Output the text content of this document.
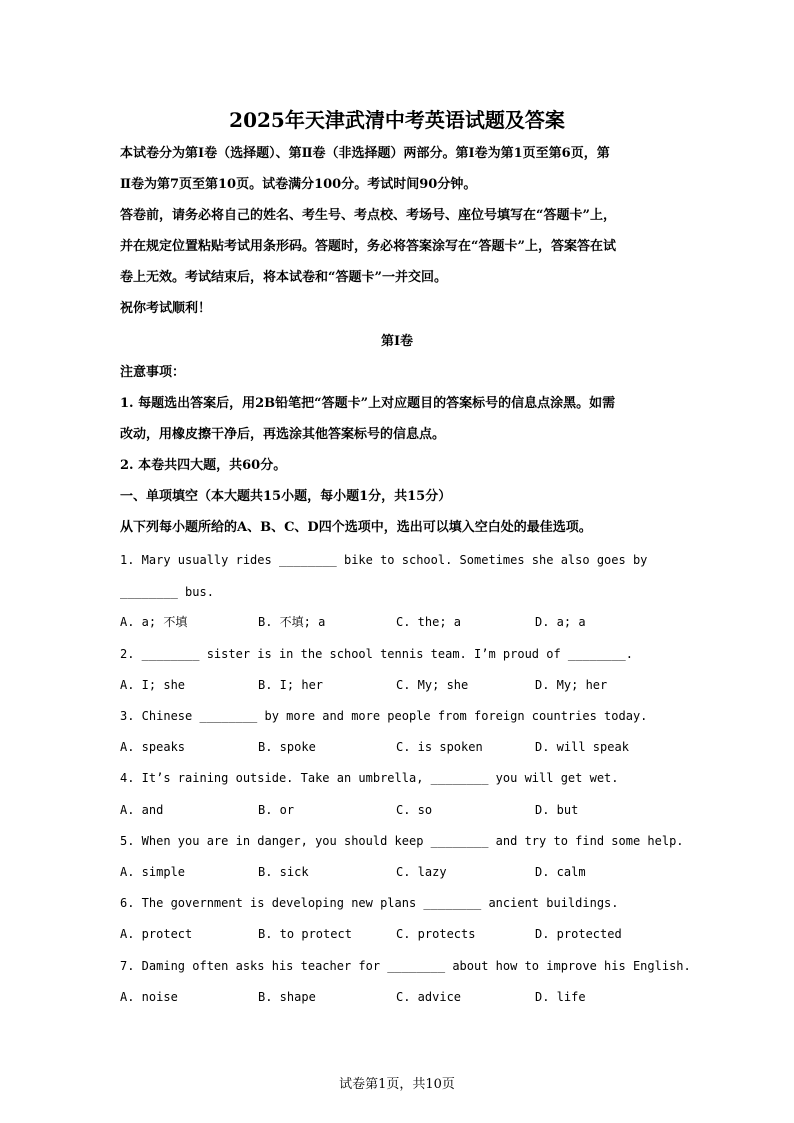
2025年天津武清中考英语试题及答案
本试卷分为第Ⅰ卷（选择题）、第Ⅱ卷（非选择题）两部分。第Ⅰ卷为第1页至第6页，第
Ⅱ卷为第7页至第10页。试卷满分100分。考试时间90分钟。
答卷前，请务必将自己的姓名、考生号、考点校、考场号、座位号填写在“答题卡”上，
并在规定位置粘贴考试用条形码。答题时，务必将答案涂写在“答题卡”上，答案答在试
卷上无效。考试结束后，将本试卷和“答题卡”一并交回。
祝你考试顺利！
第Ⅰ卷
注意事项：
1. 每题选出答案后，用2B铅笔把“答题卡”上对应题目的答案标号的信息点涂黑。如需
改动，用橡皮擦干净后，再选涂其他答案标号的信息点。
2. 本卷共四大题，共60分。
一、单项填空（本大题共15小题，每小题1分，共15分）
从下列每小题所给的A、B、C、D四个选项中，选出可以填入空白处的最佳选项。
1. Mary usually rides ________ bike to school. Sometimes she also goes by
________ bus.
A. a; 不填	B. 不填; a	C. the; a	D. a; a
2. ________ sister is in the school tennis team. I’m proud of ________.
A. I; she	B. I; her	C. My; she	D. My; her
3. Chinese ________ by more and more people from foreign countries today.
A. speaks	B. spoke	C. is spoken	D. will speak
4. It’s raining outside. Take an umbrella, ________ you will get wet.
A. and	B. or	C. so	D. but
5. When you are in danger, you should keep ________ and try to find some help.
A. simple	B. sick	C. lazy	D. calm
6. The government is developing new plans ________ ancient buildings.
A. protect	B. to protect	C. protects	D. protected
7. Daming often asks his teacher for ________ about how to improve his English.
A. noise	B. shape	C. advice	D. life
试卷第1页，共10页
